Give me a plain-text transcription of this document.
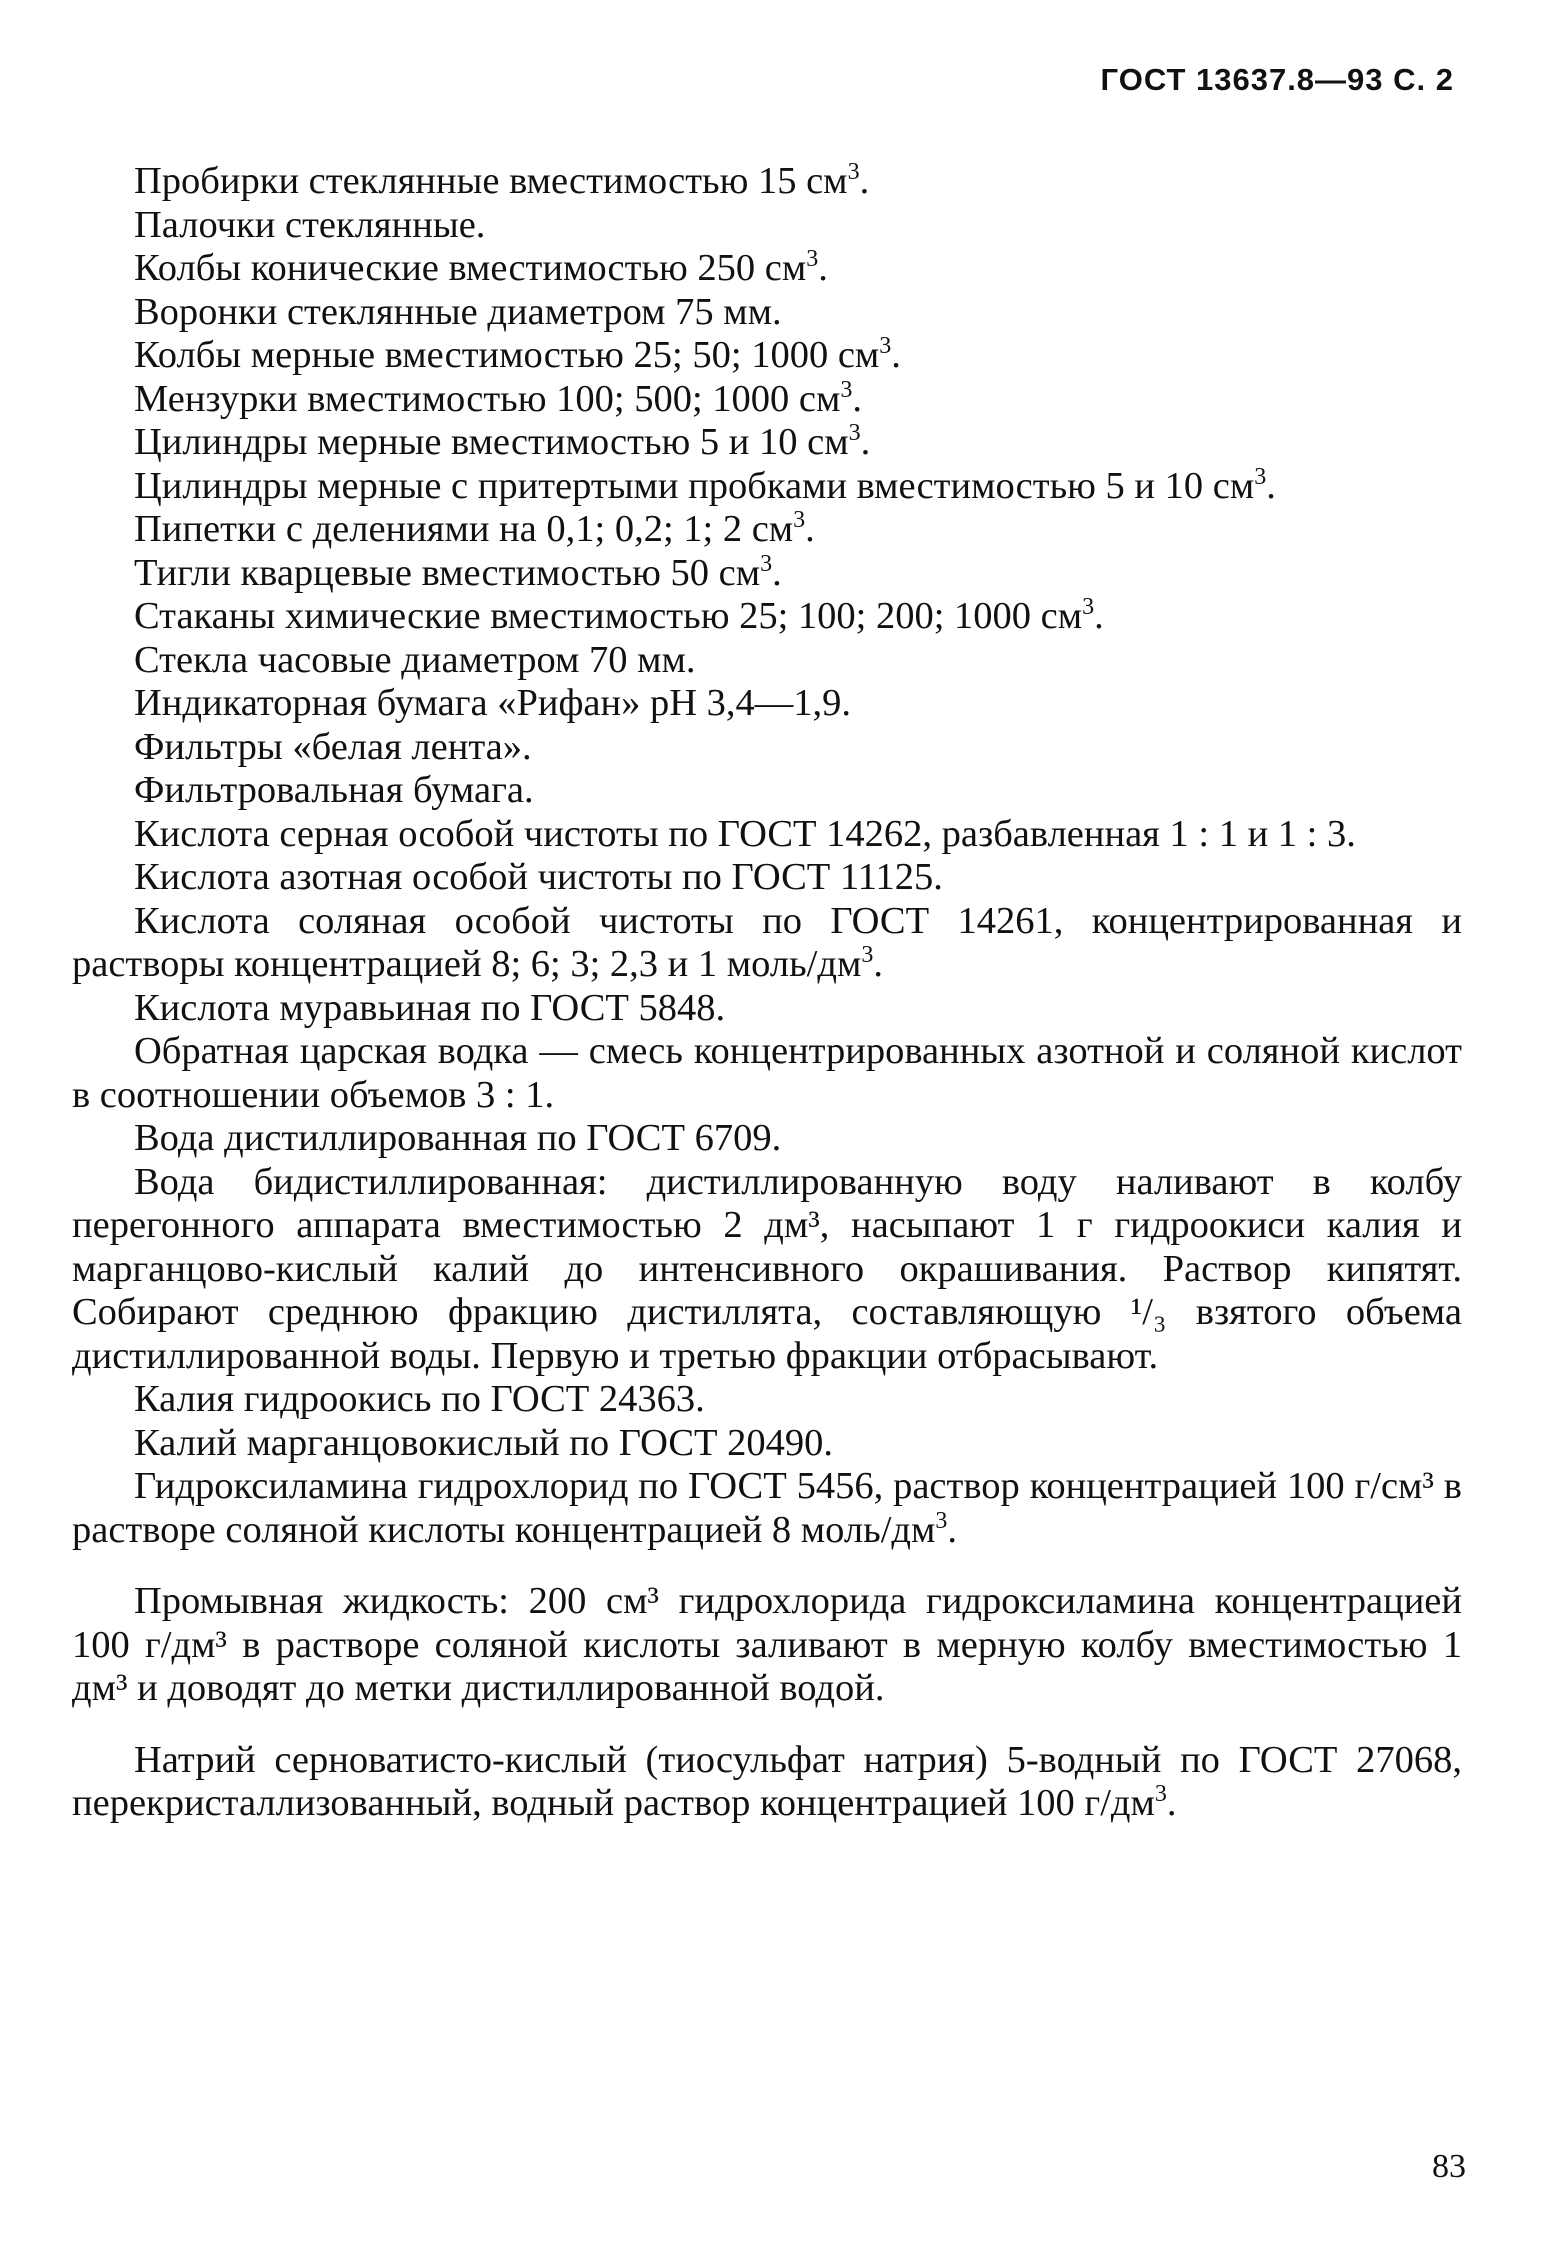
ГОСТ 13637.8—93 С. 2

Пробирки стеклянные вместимостью 15 $см^3$.

Палочки стеклянные.

Колбы конические вместимостью 250 $см^3$.

Воронки стеклянные диаметром 75 мм.

Колбы мерные вместимостью 25; 50; 1000 $см^3$.

Мензурки вместимостью 100; 500; 1000 $см^3$.

Цилиндры мерные вместимостью 5 и 10 $см^3$.

Цилиндры мерные с притертыми пробками вместимостью 5 и 10 $см^3$.

Пипетки с делениями на 0,1; 0,2; 1; 2 $см^3$.

Тигли кварцевые вместимостью 50 $см^3$.

Стаканы химические вместимостью 25; 100; 200; 1000 $см^3$.

Стекла часовые диаметром 70 мм.

Индикаторная бумага «Рифан» pH 3,4—1,9.

Фильтры «белая лента».

Фильтровальная бумага.

Кислота серная особой чистоты по ГОСТ 14262, разбавленная 1 : 1 и 1 : 3.

Кислота азотная особой чистоты по ГОСТ 11125.

Кислота соляная особой чистоты по ГОСТ 14261, концентрированная и растворы концентрацией 8; 6; 3; 2,3 и 1 моль/$дм^3$.

Кислота муравьиная по ГОСТ 5848.

Обратная царская водка — смесь концентрированных азотной и соляной кислот в соотношении объемов 3 : 1.

Вода дистиллированная по ГОСТ 6709.

Вода бидистиллированная: дистиллированную воду наливают в колбу перегонного аппарата вместимостью 2 дм³, насыпают 1 г гидроокиси калия и марганцово-кислый калий до интенсивного окрашивания. Раствор кипятят. Собирают среднюю фракцию дистиллята, составляющую ¹/₃ взятого объема дистиллированной воды. Первую и третью фракции отбрасывают.

Калия гидроокись по ГОСТ 24363.

Калий марганцовокислый по ГОСТ 20490.

Гидроксиламина гидрохлорид по ГОСТ 5456, раствор концентрацией 100 г/см³ в растворе соляной кислоты концентрацией 8 моль/$дм^3$.

Промывная жидкость: 200 см³ гидрохлорида гидроксиламина концентрацией 100 г/дм³ в растворе соляной кислоты заливают в мерную колбу вместимостью 1 дм³ и доводят до метки дистиллированной водой.

Натрий серноватисто-кислый (тиосульфат натрия) 5-водный по ГОСТ 27068, перекристаллизованный, водный раствор концентрацией 100 $г/дм^3$.

83
